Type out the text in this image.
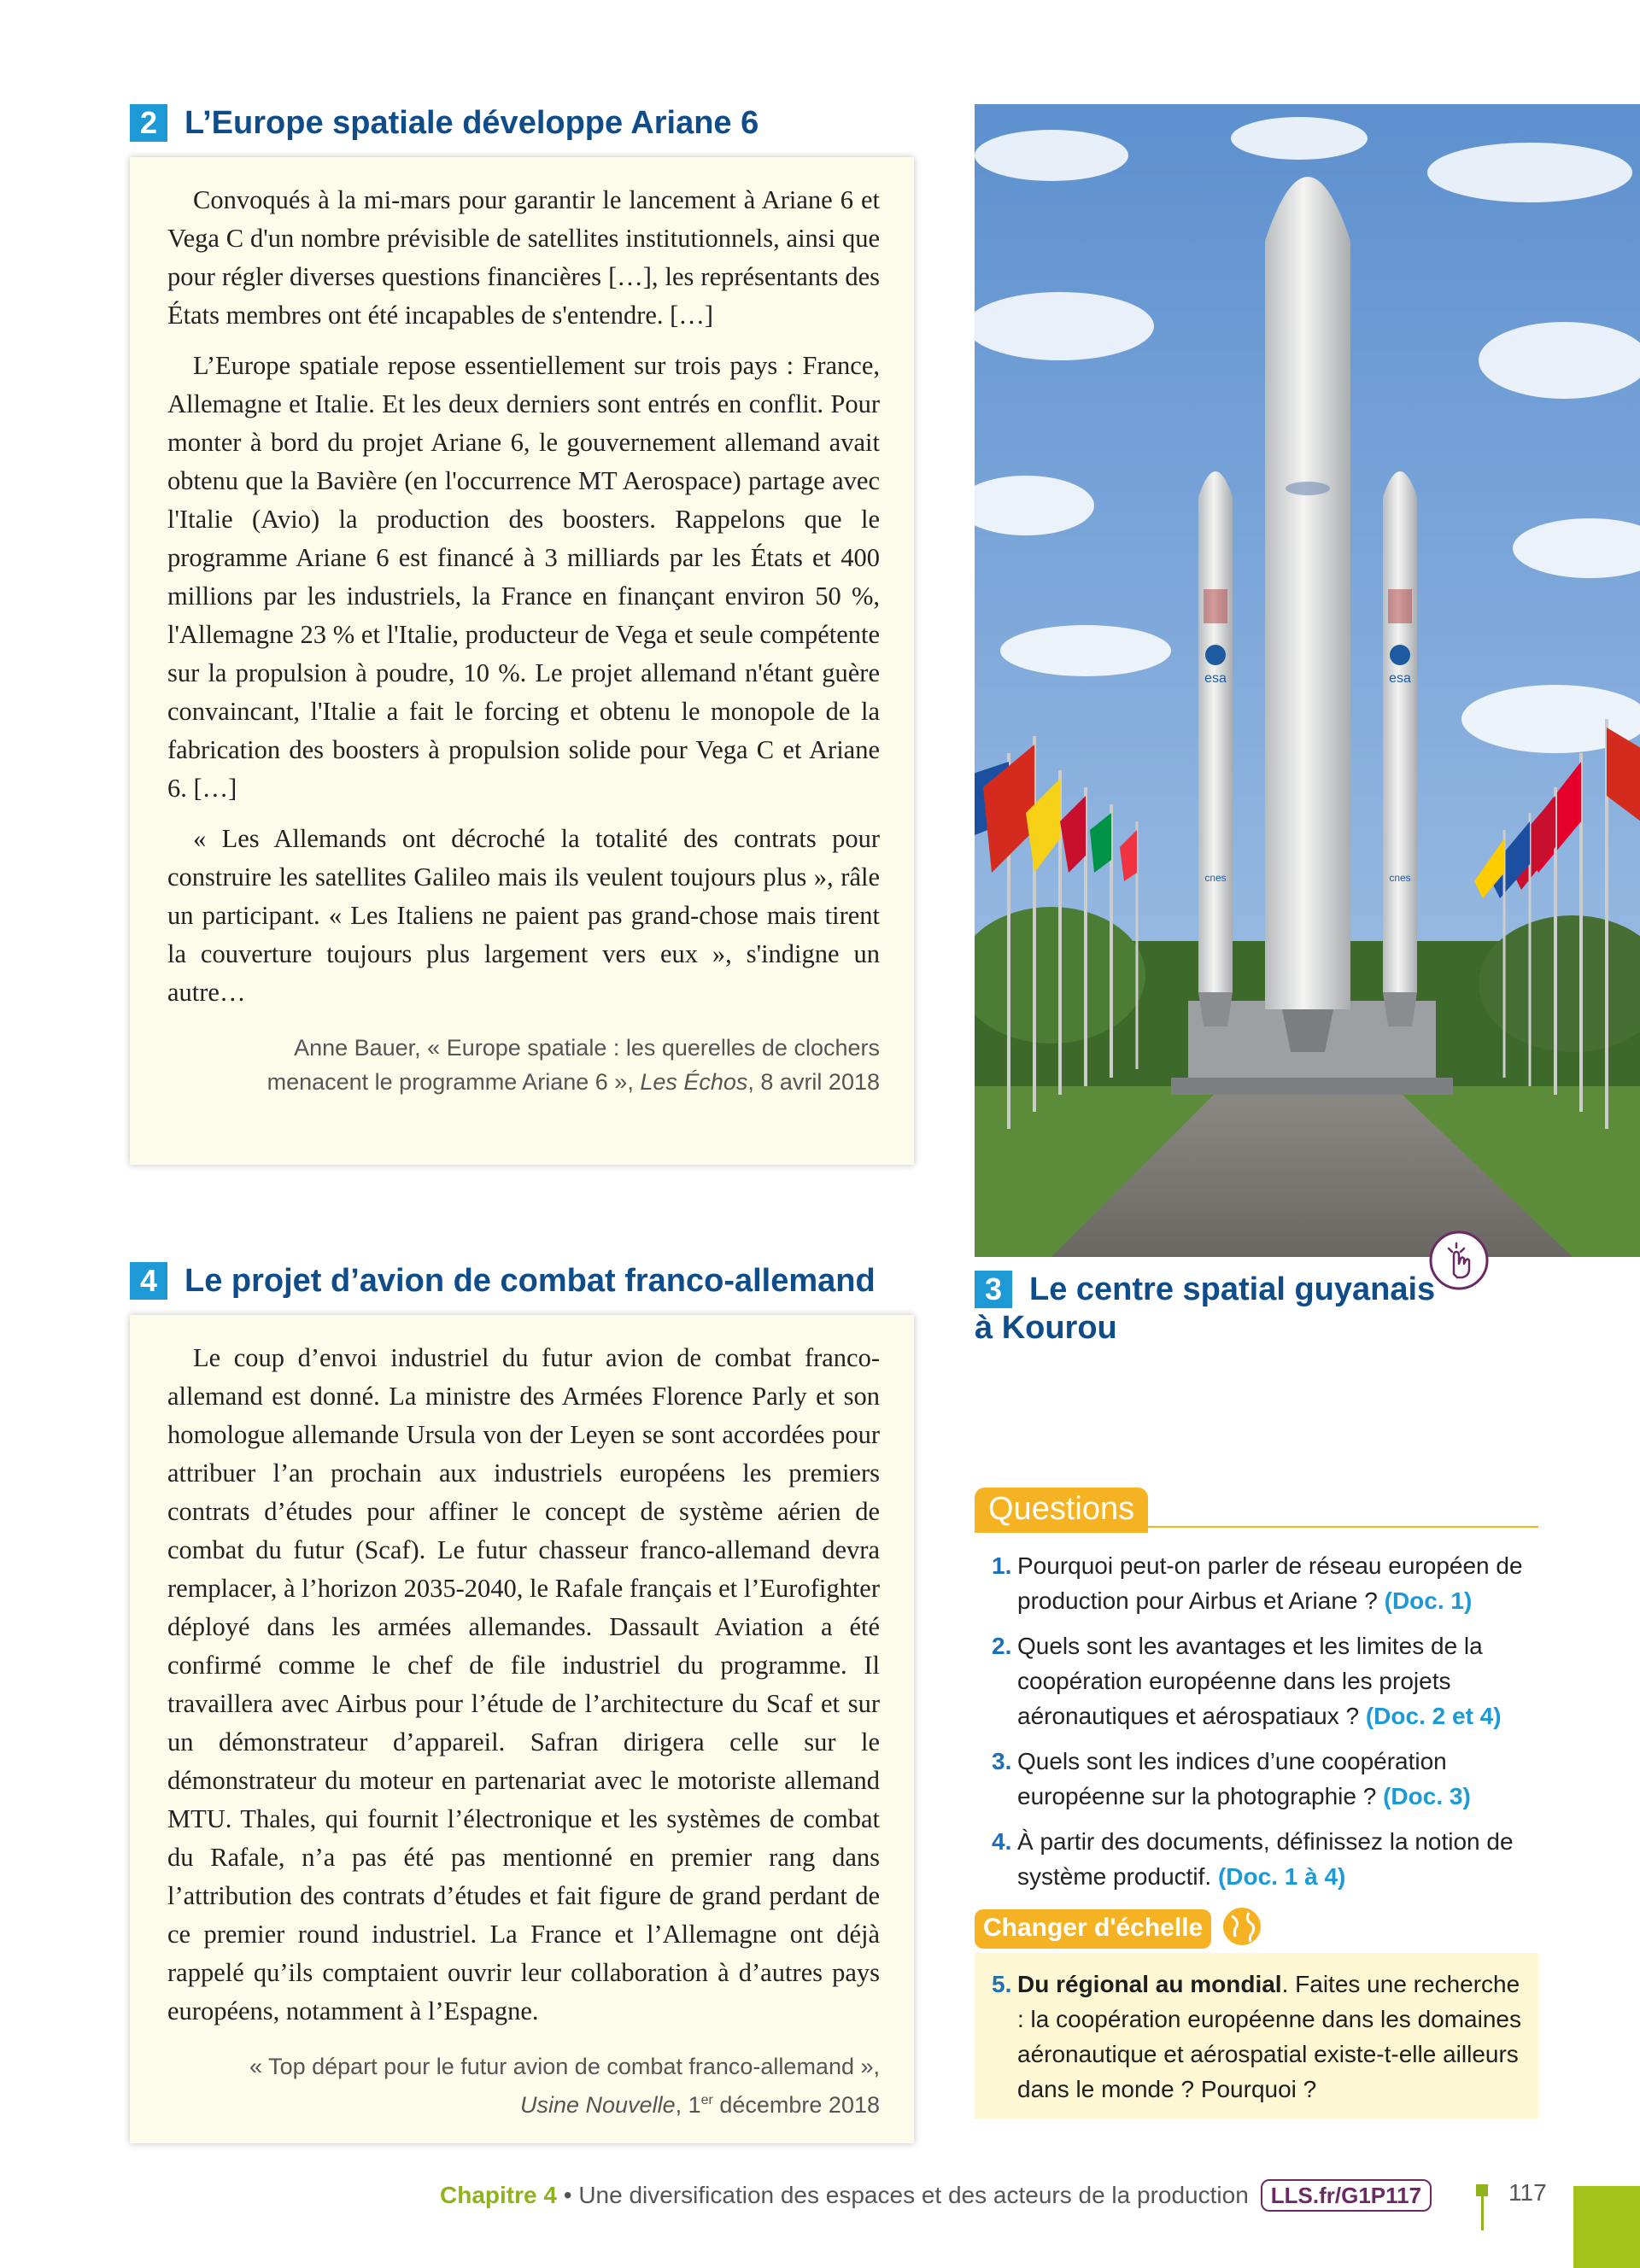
2 L’Europe spatiale développe Ariane 6

Convoqués à la mi-mars pour garantir le lancement à Ariane 6 et Vega C d'un nombre prévisible de satellites institutionnels, ainsi que pour régler diverses questions financières […], les représentants des États membres ont été incapables de s'entendre. […]

L’Europe spatiale repose essentiellement sur trois pays : France, Allemagne et Italie. Et les deux derniers sont entrés en conflit. Pour monter à bord du projet Ariane 6, le gouvernement allemand avait obtenu que la Bavière (en l'occurrence MT Aerospace) partage avec l'Italie (Avio) la production des boosters. Rappelons que le programme Ariane 6 est financé à 3 milliards par les États et 400 millions par les industriels, la France en finançant environ 50 %, l'Allemagne 23 % et l'Italie, producteur de Vega et seule compétente sur la propulsion à poudre, 10 %. Le projet allemand n'étant guère convaincant, l'Italie a fait le forcing et obtenu le monopole de la fabrication des boosters à propulsion solide pour Vega C et Ariane 6. […]

« Les Allemands ont décroché la totalité des contrats pour construire les satellites Galileo mais ils veulent toujours plus », râle un participant. « Les Italiens ne paient pas grand-chose mais tirent la couverture toujours plus largement vers eux », s'indigne un autre…

Anne Bauer, « Europe spatiale : les querelles de clochers
menacent le programme Ariane 6 », Les Échos, 8 avril 2018
esa	esa
cnes	cnes
3 Le centre spatial guyanais
à Kourou
4 Le projet d’avion de combat franco-allemand

Le coup d’envoi industriel du futur avion de combat franco-allemand est donné. La ministre des Armées Florence Parly et son homologue allemande Ursula von der Leyen se sont accordées pour attribuer l’an prochain aux industriels européens les premiers contrats d’études pour affiner le concept de système aérien de combat du futur (Scaf). Le futur chasseur franco-allemand devra remplacer, à l’horizon 2035-2040, le Rafale français et l’Eurofighter déployé dans les armées allemandes. Dassault Aviation a été confirmé comme le chef de file industriel du programme. Il travaillera avec Airbus pour l’étude de l’architecture du Scaf et sur un démonstrateur d’appareil. Safran dirigera celle sur le démonstrateur du moteur en partenariat avec le motoriste allemand MTU. Thales, qui fournit l’électronique et les systèmes de combat du Rafale, n’a pas été pas mentionné en premier rang dans l’attribution des contrats d’études et fait figure de grand perdant de ce premier round industriel. La France et l’Allemagne ont déjà rappelé qu’ils comptaient ouvrir leur collaboration à d’autres pays européens, notamment à l’Espagne.

« Top départ pour le futur avion de combat franco-allemand »,
Usine Nouvelle, 1er décembre 2018
Questions
1. Pourquoi peut-on parler de réseau européen de production pour Airbus et Ariane ? (Doc. 1)
2. Quels sont les avantages et les limites de la coopération européenne dans les projets aéronautiques et aérospatiaux ? (Doc. 2 et 4)
3. Quels sont les indices d’une coopération européenne sur la photographie ? (Doc. 3)
4. À partir des documents, définissez la notion de système productif. (Doc. 1 à 4)
Changer d'échelle
5. Du régional au mondial. Faites une recherche : la coopération européenne dans les domaines aéronautique et aérospatial existe-t-elle ailleurs dans le monde ? Pourquoi ?
Chapitre 4 • Une diversification des espaces et des acteurs de la production	LLS.fr/G1P117	117
